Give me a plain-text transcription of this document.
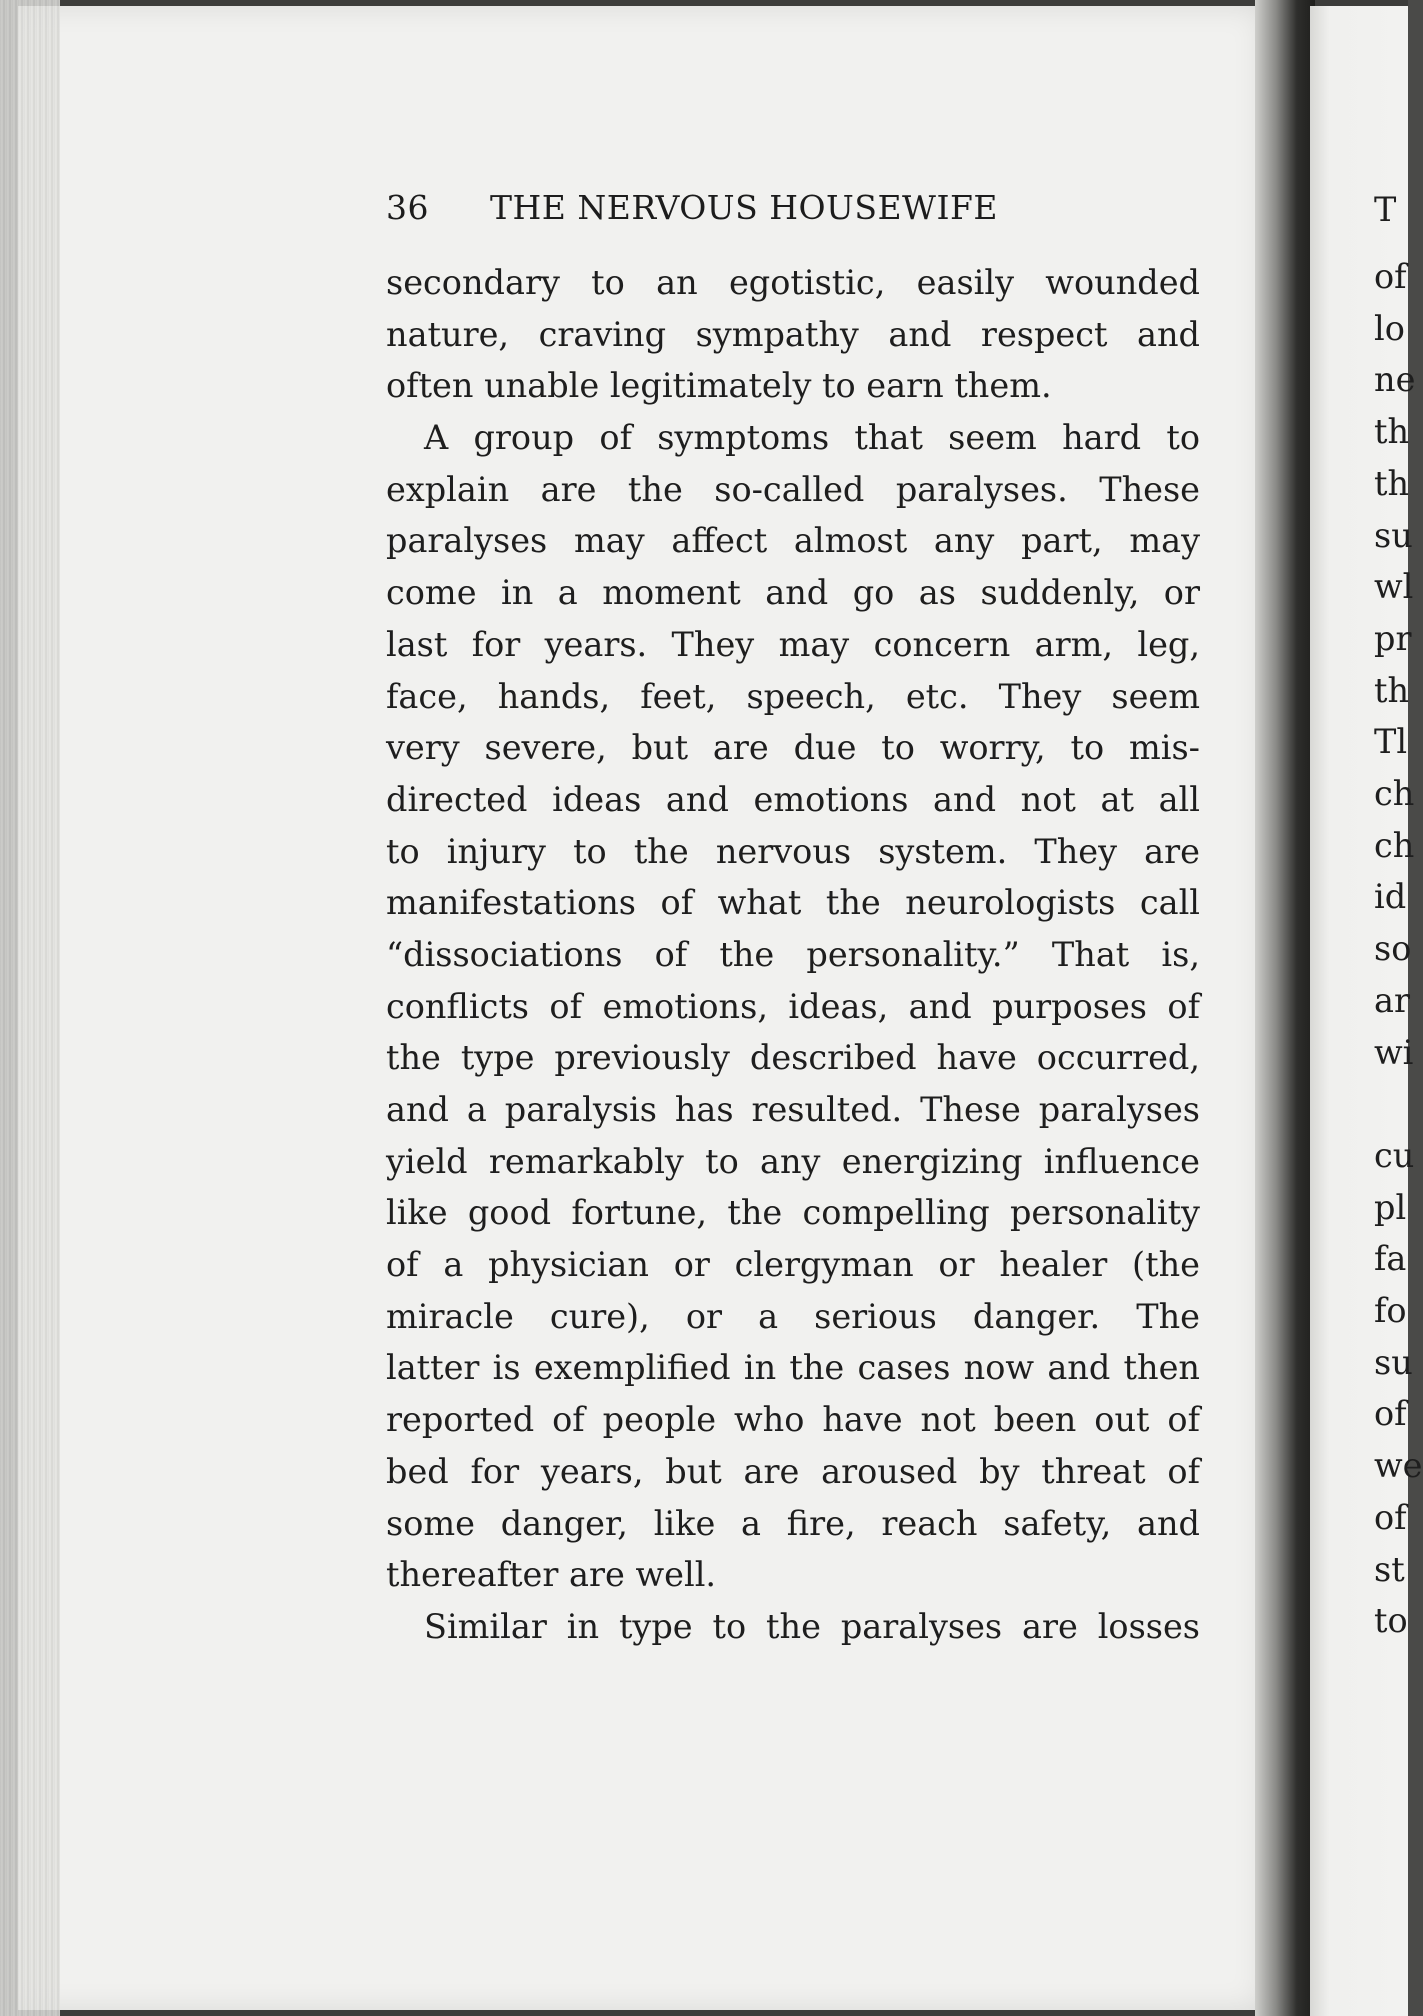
36 THE NERVOUS HOUSEWIFE
secondary to an egotistic, easily wounded
nature, craving sympathy and respect and
often unable legitimately to earn them.
A group of symptoms that seem hard to
explain are the so-called paralyses. These
paralyses may affect almost any part, may
come in a moment and go as suddenly, or
last for years. They may concern arm, leg,
face, hands, feet, speech, etc. They seem
very severe, but are due to worry, to mis-
directed ideas and emotions and not at all
to injury to the nervous system. They are
manifestations of what the neurologists call
“dissociations of the personality.” That is,
conflicts of emotions, ideas, and purposes of
the type previously described have occurred,
and a paralysis has resulted. These paralyses
yield remarkably to any energizing influence
like good fortune, the compelling personality
of a physician or clergyman or healer (the
miracle cure), or a serious danger. The
latter is exemplified in the cases now and then
reported of people who have not been out of
bed for years, but are aroused by threat of
some danger, like a fire, reach safety, and
thereafter are well.
Similar in type to the paralyses are losses
T
of
lo
ne
th
th
su
wl
pr
th
Tl
ch
ch
id
so
ar
wi
cu
pl
fa
fo
su
of
we
of
st
to
